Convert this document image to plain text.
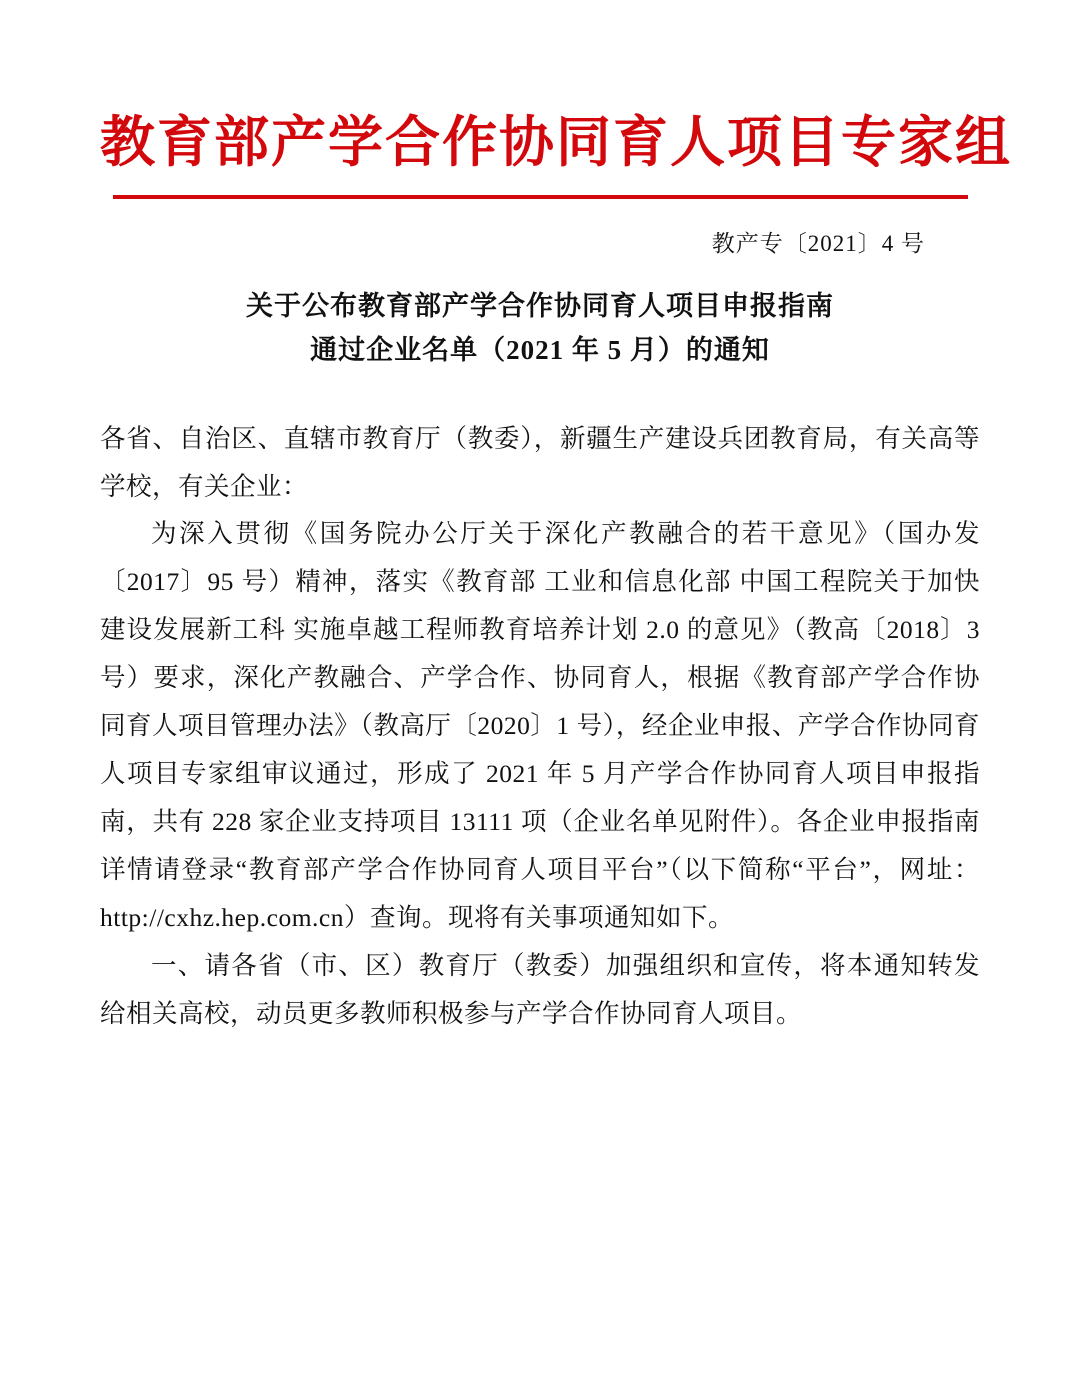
教育部产学合作协同育人项目专家组
教产专〔2021〕4 号
关于公布教育部产学合作协同育人项目申报指南
通过企业名单（2021 年 5 月）的通知

各省、自治区、直辖市教育厅（教委），新疆生产建设兵团教育局，有关高等学校，有关企业：

为深入贯彻《国务院办公厅关于深化产教融合的若干意见》（国办发〔2017〕95 号）精神，落实《教育部 工业和信息化部 中国工程院关于加快建设发展新工科 实施卓越工程师教育培养计划 2.0 的意见》（教高〔2018〕3 号）要求，深化产教融合、产学合作、协同育人，根据《教育部产学合作协同育人项目管理办法》（教高厅〔2020〕1 号），经企业申报、产学合作协同育人项目专家组审议通过，形成了 2021 年 5 月产学合作协同育人项目申报指南，共有 228 家企业支持项目 13111 项（企业名单见附件）。各企业申报指南详情请登录“教育部产学合作协同育人项目平台”（以下简称“平台”，网址：http://cxhz.hep.com.cn）查询。现将有关事项通知如下。

一、请各省（市、区）教育厅（教委）加强组织和宣传，将本通知转发给相关高校，动员更多教师积极参与产学合作协同育人项目。
